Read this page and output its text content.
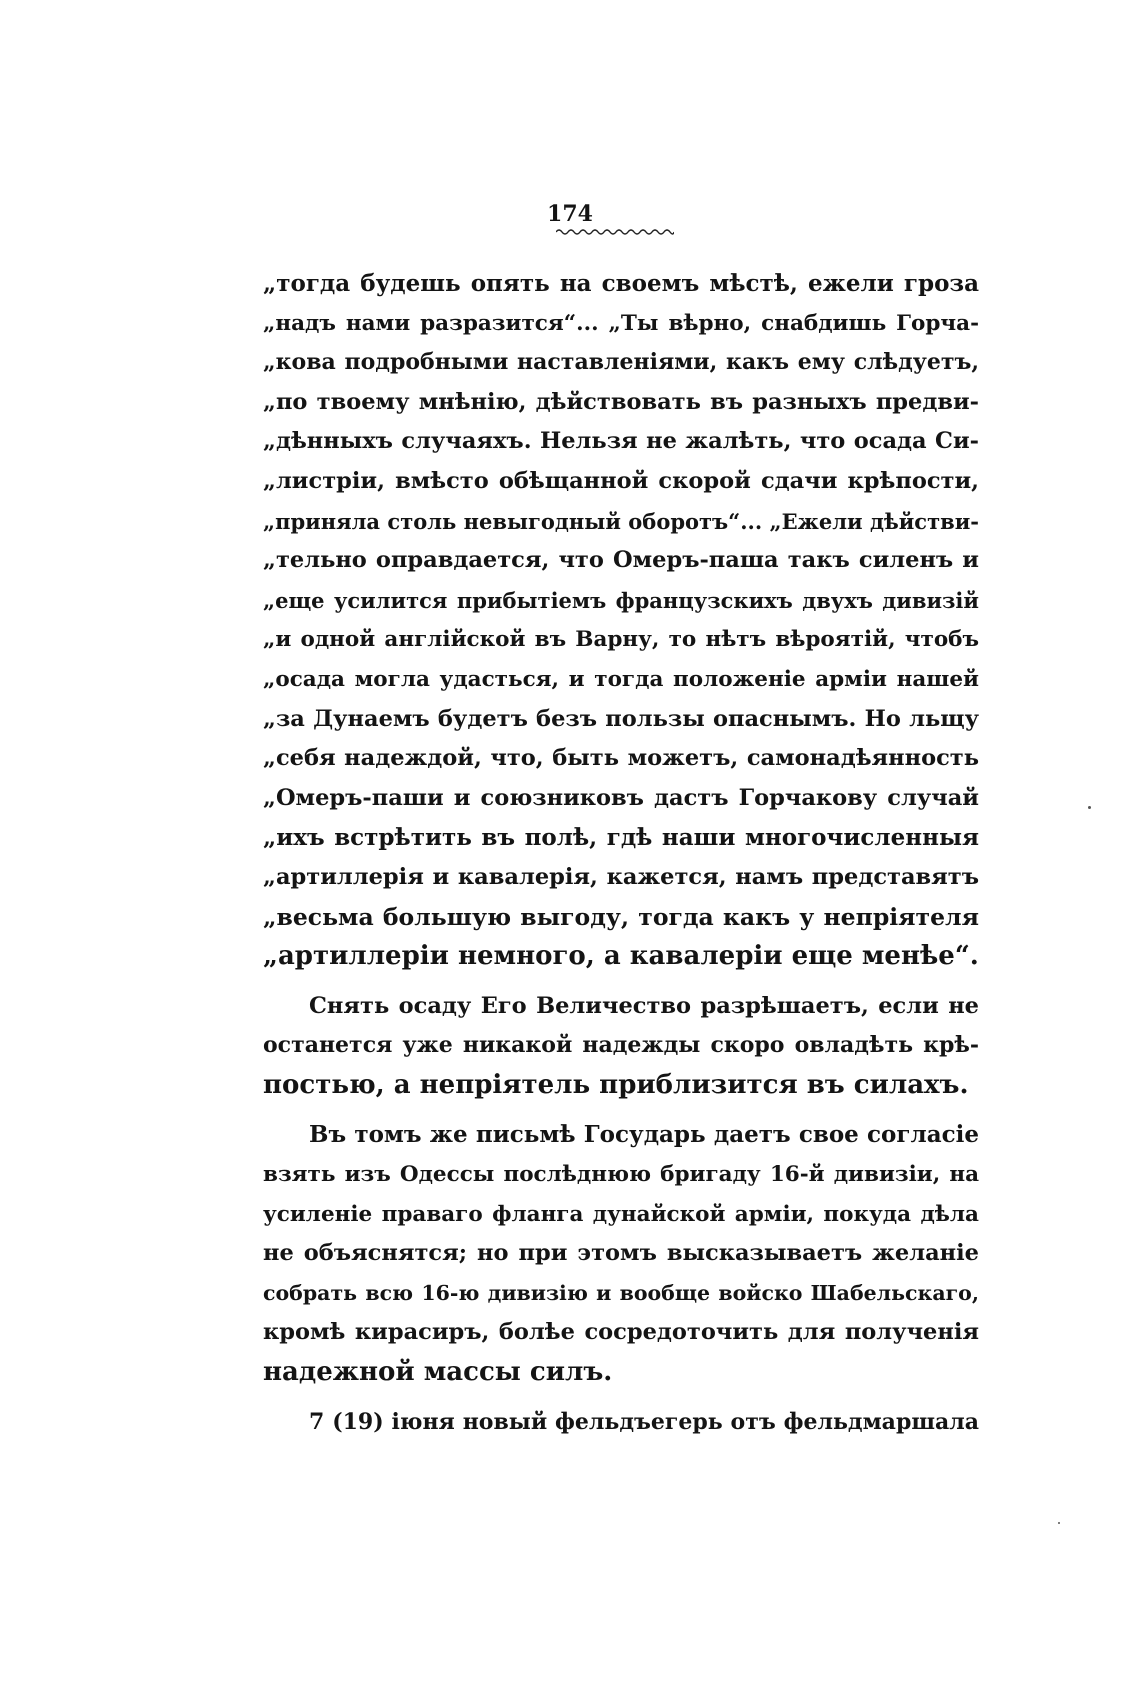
174
„тогда будешь опять на своемъ мѣстѣ, ежели гроза
„надъ нами разразится“... „Ты вѣрно, снабдишь Горча-
„кова подробными наставленіями, какъ ему слѣдуетъ,
„по твоему мнѣнію, дѣйствовать въ разныхъ предви-
„дѣнныхъ случаяхъ. Нельзя не жалѣть, что осада Си-
„листріи, вмѣсто обѣщанной скорой сдачи крѣпости,
„приняла столь невыгодный оборотъ“... „Ежели дѣйстви-
„тельно оправдается, что Омеръ-паша такъ силенъ и
„еще усилится прибытіемъ французскихъ двухъ дивизій
„и одной англійской въ Варну, то нѣтъ вѣроятій, чтобъ
„осада могла удасться, и тогда положеніе арміи нашей
„за Дунаемъ будетъ безъ пользы опаснымъ. Но льщу
„себя надеждой, что, быть можетъ, самонадѣянность
„Омеръ-паши и союзниковъ дастъ Горчакову случай
„ихъ встрѣтить въ полѣ, гдѣ наши многочисленныя
„артиллерія и кавалерія, кажется, намъ представятъ
„весьма большую выгоду, тогда какъ у непріятеля
„артиллеріи немного, а кавалеріи еще менѣе“.
Снять осаду Его Величество разрѣшаетъ, если не
останется уже никакой надежды скоро овладѣть крѣ-
постью, а непріятель приблизится въ силахъ.
Въ томъ же письмѣ Государь даетъ свое согласіе
взять изъ Одессы послѣднюю бригаду 16-й дивизіи, на
усиленіе праваго фланга дунайской арміи, покуда дѣла
не объяснятся; но при этомъ высказываетъ желаніе
собрать всю 16-ю дивизію и вообще войско Шабельскаго,
кромѣ кирасиръ, болѣе сосредоточить для полученія
надежной массы силъ.
7 (19) іюня новый фельдъегерь отъ фельдмаршала
